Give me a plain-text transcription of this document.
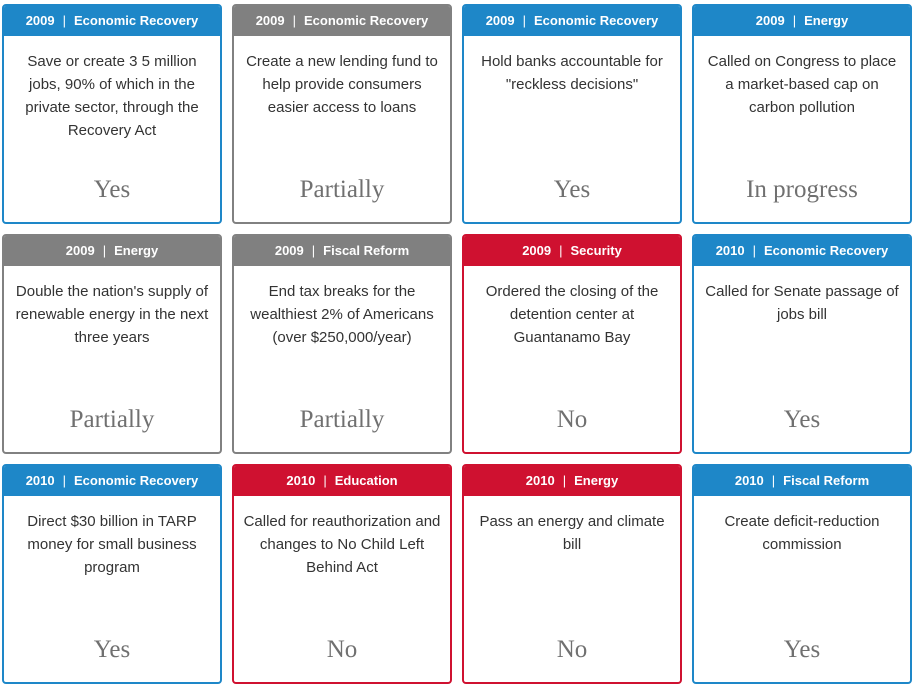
2009 | Economic Recovery
Save or create 3 5 million jobs, 90% of which in the private sector, through the Recovery Act
Yes
2009 | Economic Recovery
Create a new lending fund to help provide consumers easier access to loans
Partially
2009 | Economic Recovery
Hold banks accountable for "reckless decisions"
Yes
2009 | Energy
Called on Congress to place a market-based cap on carbon pollution
In progress
2009 | Energy
Double the nation's supply of renewable energy in the next three years
Partially
2009 | Fiscal Reform
End tax breaks for the wealthiest 2% of Americans (over $250,000/year)
Partially
2009 | Security
Ordered the closing of the detention center at Guantanamo Bay
No
2010 | Economic Recovery
Called for Senate passage of jobs bill
Yes
2010 | Economic Recovery
Direct $30 billion in TARP money for small business program
Yes
2010 | Education
Called for reauthorization and changes to No Child Left Behind Act
No
2010 | Energy
Pass an energy and climate bill
No
2010 | Fiscal Reform
Create deficit-reduction commission
Yes
